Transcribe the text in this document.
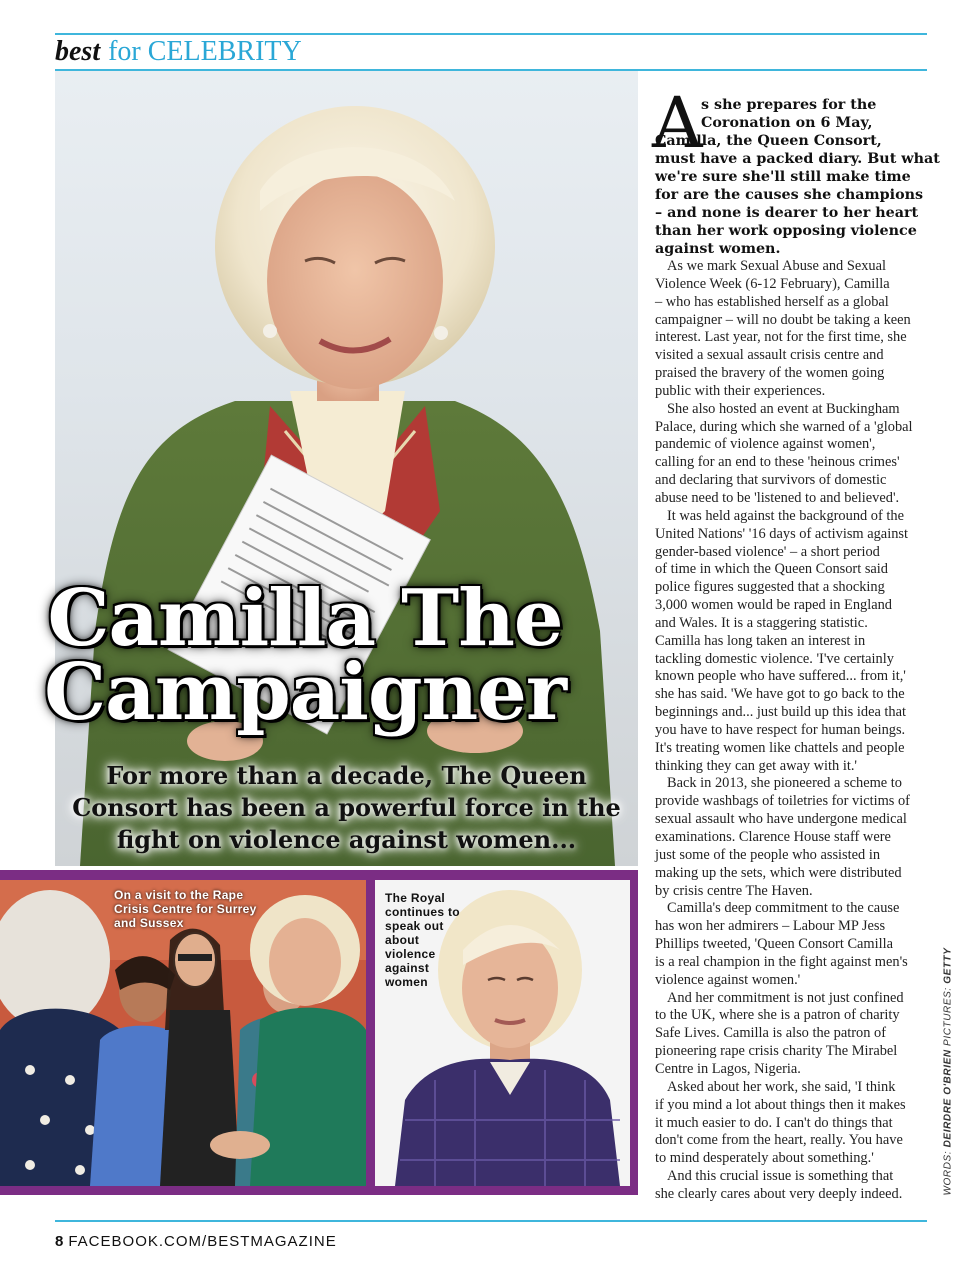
best for CELEBRITY
Camilla The
Campaigner
For more than a decade, The Queen Consort has been a powerful force in the fight on violence against women...
On a visit to the Rape Crisis Centre for Surrey and Sussex
The Royal continues to speak out about violence against women
A
s she prepares for the
Coronation on 6 May,
Camilla, the Queen Consort,
must have a packed diary. But what
we're sure she'll still make time
for are the causes she champions
– and none is dearer to her heart
than her work opposing violence
against women.
As we mark Sexual Abuse and Sexual
Violence Week (6-12 February), Camilla
– who has established herself as a global
campaigner – will no doubt be taking a keen
interest. Last year, not for the first time, she
visited a sexual assault crisis centre and
praised the bravery of the women going
public with their experiences.
She also hosted an event at Buckingham
Palace, during which she warned of a 'global
pandemic of violence against women',
calling for an end to these 'heinous crimes'
and declaring that survivors of domestic
abuse need to be 'listened to and believed'.
It was held against the background of the
United Nations' '16 days of activism against
gender-based violence' – a short period
of time in which the Queen Consort said
police figures suggested that a shocking
3,000 women would be raped in England
and Wales. It is a staggering statistic.
Camilla has long taken an interest in
tackling domestic violence. 'I've certainly
known people who have suffered... from it,'
she has said. 'We have got to go back to the
beginnings and... just build up this idea that
you have to have respect for human beings.
It's treating women like chattels and people
thinking they can get away with it.'
Back in 2013, she pioneered a scheme to
provide washbags of toiletries for victims of
sexual assault who have undergone medical
examinations. Clarence House staff were
just some of the people who assisted in
making up the sets, which were distributed
by crisis centre The Haven.
Camilla's deep commitment to the cause
has won her admirers – Labour MP Jess
Phillips tweeted, 'Queen Consort Camilla
is a real champion in the fight against men's
violence against women.'
And her commitment is not just confined
to the UK, where she is a patron of charity
Safe Lives. Camilla is also the patron of
pioneering rape crisis charity The Mirabel
Centre in Lagos, Nigeria.
Asked about her work, she said, 'I think
if you mind a lot about things then it makes
it much easier to do. I can't do things that
don't come from the heart, really. You have
to mind desperately about something.'
And this crucial issue is something that
she clearly cares about very deeply indeed.	WORDS: DEIRDRE O'BRIEN PICTURES: GETTY
8 FACEBOOK.COM/BESTMAGAZINE
